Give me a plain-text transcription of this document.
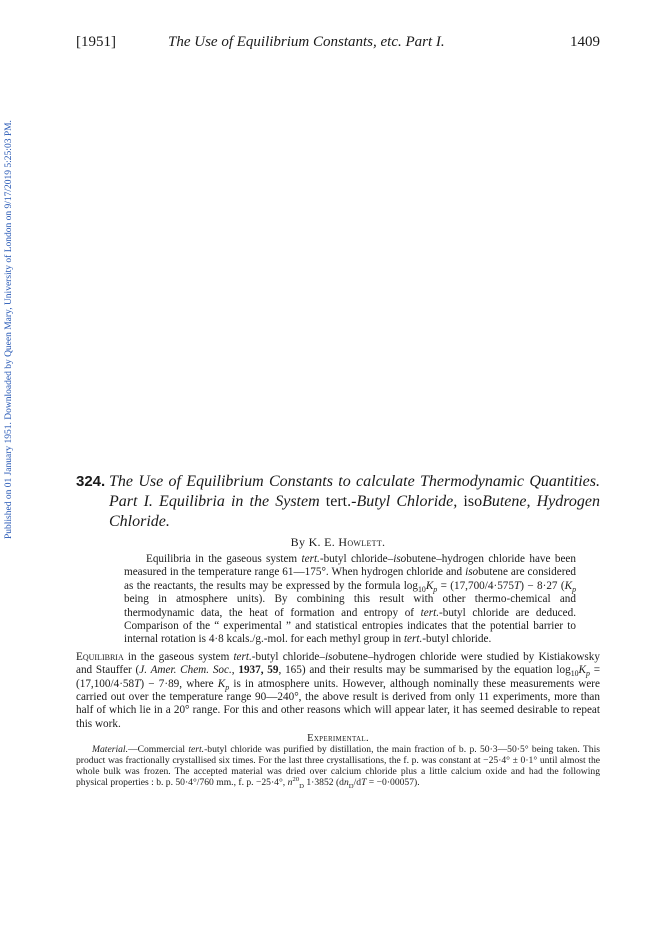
Published on 01 January 1951. Downloaded by Queen Mary, University of London on 9/17/2019 5:25:03 PM.
[1951]	The Use of Equilibrium Constants, etc. Part I.	1409
324. The Use of Equilibrium Constants to calculate Thermodynamic Quantities. Part I. Equilibria in the System tert.-Butyl Chloride, isoButene, Hydrogen Chloride.
By K. E. Howlett.
Equilibria in the gaseous system tert.-butyl chloride–isobutene–hydrogen chloride have been measured in the temperature range 61—175°. When hydrogen chloride and isobutene are considered as the reactants, the results may be expressed by the formula $\log_{10}K_p = (17,700/4\cdot 575T) - 8\cdot 27$ ($K_p$ being in atmosphere units). By combining this result with other thermo-chemical and thermodynamic data, the heat of formation and entropy of tert.-butyl chloride are deduced. Comparison of the “ experimental ” and statistical entropies indicates that the potential barrier to internal rotation is 4·8 kcals./g.-mol. for each methyl group in tert.-butyl chloride.
Equilibria in the gaseous system tert.-butyl chloride–isobutene–hydrogen chloride were studied by Kistiakowsky and Stauffer (J. Amer. Chem. Soc., 1937, 59, 165) and their results may be summarised by the equation $\log_{10}K_p = (17,100/4\cdot 58T) - 7\cdot 89$, where $K_p$ is in atmosphere units. However, although nominally these measurements were carried out over the temperature range 90—240°, the above result is derived from only 11 experiments, more than half of which lie in a 20° range. For this and other reasons which will appear later, it has seemed desirable to repeat this work.
Experimental.
Material.—Commercial tert.-butyl chloride was purified by distillation, the main fraction of b. p. 50·3—50·5° being taken. This product was fractionally crystallised six times. For the last three crystallisations, the f. p. was constant at −25·4° ± 0·1° until almost the whole bulk was frozen. The accepted material was dried over calcium chloride plus a little calcium oxide and had the following physical properties : b. p. 50·4°/760 mm., f. p. −25·4°, $n^{20}_D$ 1·3852 $(dn_D/dT = -0\cdot 00057)$.
